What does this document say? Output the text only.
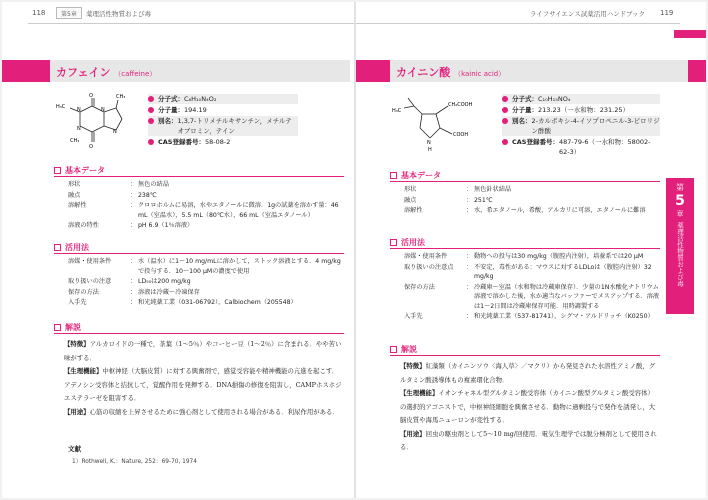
118	第5章	薬理活性物質および毒
カフェイン （caffeine）
O
N
N
N
N
CH₃
O
H₃C
CH₃
分子式： C₈H₁₀N₄O₂
分子量： 194.19
別名： 1,3,7-トリメチルキサンチン，メチルテオブロミン，テイン
CAS登録番号： 58-08-2
基本データ
形状	： 無色の結晶
融点	： 238℃
溶解性	： クロロホルムに易溶，水やエタノールに微溶．1gの試薬を溶かす量：46 mL（室温水），5.5 mL（80℃水），66 mL（室温エタノール）
溶液の特性	： pH 6.9（1％溶液）
活用法
溶媒・使用条件	： 水（温水）に1〜10 mg/mLに溶かして，ストック溶液とする．4 mg/kgで投与する．10〜100 μMの濃度で使用
取り扱いの注意	： LD₅₀は200 mg/kg
保存の方法	： 溶液は冷蔵〜冷凍保存
入手先	： 和光純薬工業（031-06792），Calbiochem（205548）
解説
【特徴】アルカロイドの一種で，茶葉（1〜5％）やコーヒー豆（1〜2％）に含まれる．やや苦い味がする．
【生理機能】中枢神経（大脳皮質）に対する興奮剤で，感覚受容能や精神機能の亢進を起こす．アデノシン受容体と拮抗して，覚醒作用を発揮する．DNA損傷の修復を阻害し，CAMPホスホジエステラーゼを阻害する．
【用途】心筋の収縮を上昇させるために強心剤として使用される場合がある．利尿作用がある．
文献
1）Rothwell, K.：Nature, 252：69-70, 1974
ライフサイエンス試薬活用ハンドブック 119
カイニン酸 （kainic acid）
H₃C
CH₂COOH
N
H
COOH
分子式： C₁₀H₁₅NO₄
分子量： 213.23（一水和物：231.25）
別名： 2-カルボキシ-4-イソプロペニル-3-ピロリジン酢酸
CAS登録番号： 487-79-6（一水和物：58002-62-3）
基本データ
形状	： 無色針状結晶
融点	： 251℃
溶解性	： 水，希エタノール，希酸，アルカリに可溶，エタノールに難溶
活用法
溶媒・使用条件	： 動物への投与は30 mg/kg（腹腔内注射），培養系では20 μM
取り扱いの注意点	： 不安定，毒性がある：マウスに対するLDLoは（腹腔内注射）32 mg/kg
保存の方法	： 冷蔵庫〜室温（水和物は冷蔵庫保存）．少量の1N水酸化ナトリウム溶液で溶かした後，水か適当なバッファーでメスアップする．溶液は1〜2日間は冷蔵庫保存可能．用時調製する
入手先	： 和光純薬工業（537-81741），シグマ・アルドリッチ（K0250）
解説
【特徴】紅藻類（カイニンソウ〈海人草〉／マクリ）から発見された水溶性アミノ酸，グルタミン酸誘導体もの複素環化合物．
【生理機能】イオンチャネル型グルタミン酸受容体（カイニン酸型グルタミン酸受容体）の選択的アゴニストで，中枢神経細胞を興奮させる．動物に過剰投与で発作を誘発し，大脳皮質や海馬ニューロンが変性する．
【用途】回虫の駆虫剤として5〜10 mg/回使用．電気生理学では脱分極剤として使用される．
第
5
章
薬理活性物質および毒
